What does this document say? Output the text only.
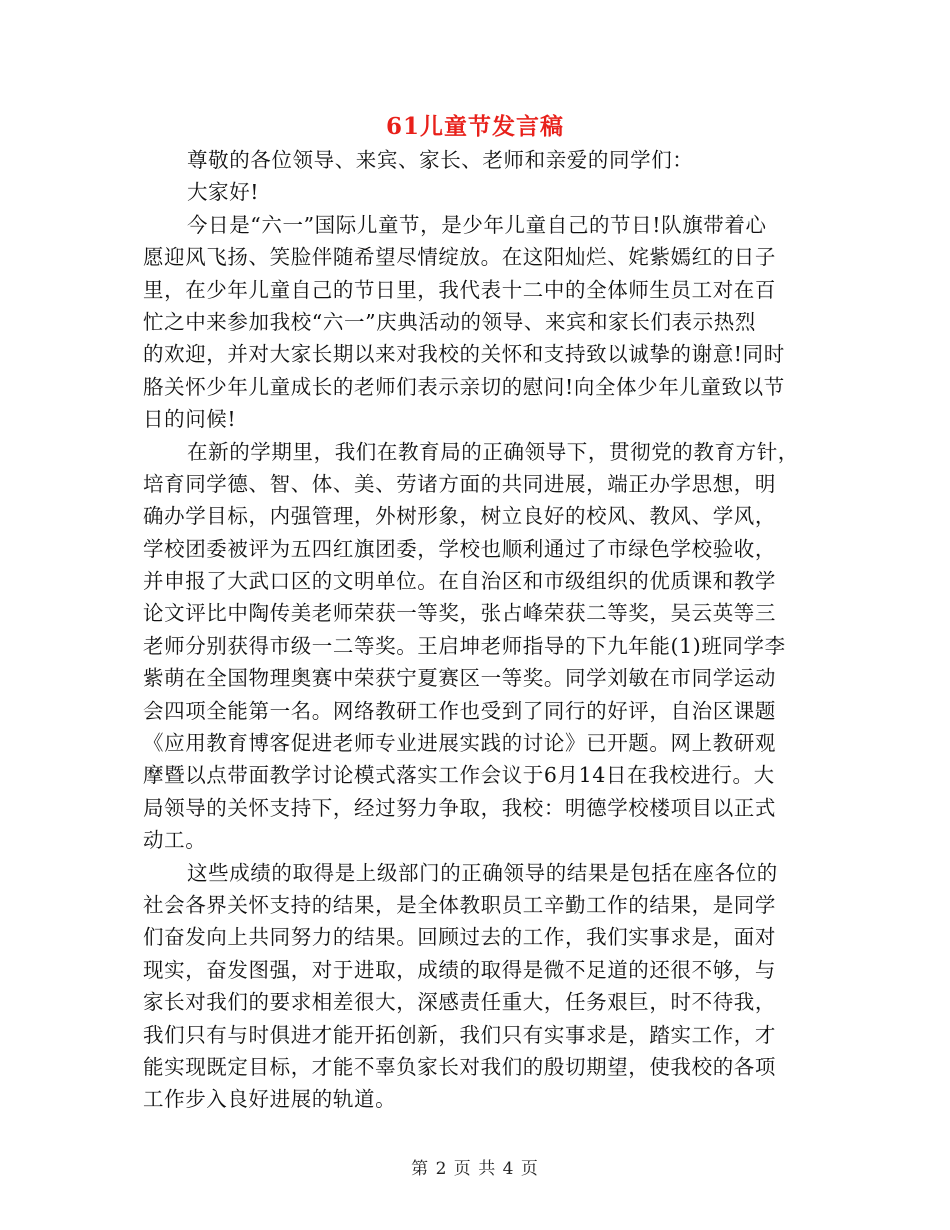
61儿童节发言稿
尊敬的各位领导、来宾、家长、老师和亲爱的同学们：
大家好!
今日是“六一”国际儿童节，是少年儿童自己的节日!队旗带着心
愿迎风飞扬、笑脸伴随希望尽情绽放。在这阳灿烂、姹紫嫣红的日子
里，在少年儿童自己的节日里，我代表十二中的全体师生员工对在百
忙之中来参加我校“六一”庆典活动的领导、来宾和家长们表示热烈
的欢迎，并对大家长期以来对我校的关怀和支持致以诚挚的谢意!同时
胳关怀少年儿童成长的老师们表示亲切的慰问!向全体少年儿童致以节
日的问候!
在新的学期里，我们在教育局的正确领导下，贯彻党的教育方针，
培育同学德、智、体、美、劳诸方面的共同进展，端正办学思想，明
确办学目标，内强管理，外树形象，树立良好的校风、教风、学风，
学校团委被评为五四红旗团委，学校也顺利通过了市绿色学校验收，
并申报了大武口区的文明单位。在自治区和市级组织的优质课和教学
论文评比中陶传美老师荣获一等奖，张占峰荣获二等奖，吴云英等三
老师分别获得市级一二等奖。王启坤老师指导的下九年能(1)班同学李
紫萌在全国物理奥赛中荣获宁夏赛区一等奖。同学刘敏在市同学运动
会四项全能第一名。网络教研工作也受到了同行的好评，自治区课题
《应用教育博客促进老师专业进展实践的讨论》已开题。网上教研观
摩暨以点带面教学讨论模式落实工作会议于6月14日在我校进行。大
局领导的关怀支持下，经过努力争取，我校：明德学校楼项目以正式
动工。
这些成绩的取得是上级部门的正确领导的结果是包括在座各位的
社会各界关怀支持的结果，是全体教职员工辛勤工作的结果，是同学
们奋发向上共同努力的结果。回顾过去的工作，我们实事求是，面对
现实，奋发图强，对于进取，成绩的取得是微不足道的还很不够，与
家长对我们的要求相差很大，深感责任重大，任务艰巨，时不待我，
我们只有与时俱进才能开拓创新，我们只有实事求是，踏实工作，才
能实现既定目标，才能不辜负家长对我们的殷切期望，使我校的各项
工作步入良好进展的轨道。
第 2 页 共 4 页
